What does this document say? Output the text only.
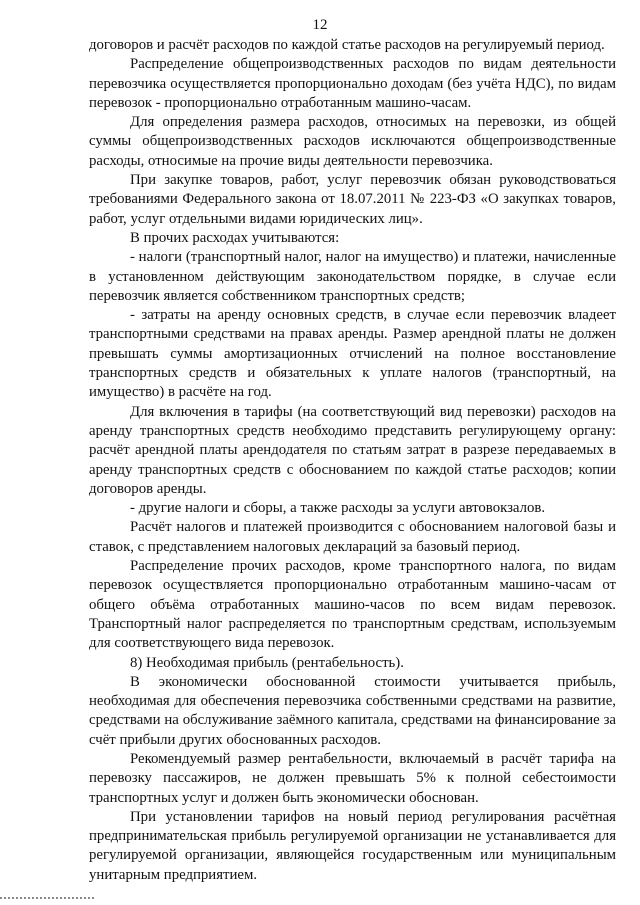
12

договоров и расчёт расходов по каждой статье расходов на регулируемый период.

Распределение общепроизводственных расходов по видам деятельности перевозчика осуществляется пропорционально доходам (без учёта НДС), по видам перевозок - пропорционально отработанным машино-часам.

Для определения размера расходов, относимых на перевозки, из общей суммы общепроизводственных расходов исключаются общепроизводственные расходы, относимые на прочие виды деятельности перевозчика.

При закупке товаров, работ, услуг перевозчик обязан руководствоваться требованиями Федерального закона от 18.07.2011 № 223-ФЗ «О закупках товаров, работ, услуг отдельными видами юридических лиц».

В прочих расходах учитываются:

- налоги (транспортный налог, налог на имущество) и платежи, начисленные в установленном действующим законодательством порядке, в случае если перевозчик является собственником транспортных средств;

- затраты на аренду основных средств, в случае если перевозчик владеет транспортными средствами на правах аренды. Размер арендной платы не должен превышать суммы амортизационных отчислений на полное восстановление транспортных средств и обязательных к уплате налогов (транспортный, на имущество) в расчёте на год.

Для включения в тарифы (на соответствующий вид перевозки) расходов на аренду транспортных средств необходимо представить регулирующему органу: расчёт арендной платы арендодателя по статьям затрат в разрезе передаваемых в аренду транспортных средств с обоснованием по каждой статье расходов; копии договоров аренды.

- другие налоги и сборы, а также расходы за услуги автовокзалов.

Расчёт налогов и платежей производится с обоснованием налоговой базы и ставок, с представлением налоговых деклараций за базовый период.

Распределение прочих расходов, кроме транспортного налога, по видам перевозок осуществляется пропорционально отработанным машино-часам от общего объёма отработанных машино-часов по всем видам перевозок. Транспортный налог распределяется по транспортным средствам, используемым для соответствующего вида перевозок.

8) Необходимая прибыль (рентабельность).

В экономически обоснованной стоимости учитывается прибыль, необходимая для обеспечения перевозчика собственными средствами на развитие, средствами на обслуживание заёмного капитала, средствами на финансирование за счёт прибыли других обоснованных расходов.

Рекомендуемый размер рентабельности, включаемый в расчёт тарифа на перевозку пассажиров, не должен превышать 5% к полной себестоимости транспортных услуг и должен быть экономически обоснован.

При установлении тарифов на новый период регулирования расчётная предпринимательская прибыль регулируемой организации не устанавливается для регулируемой организации, являющейся государственным или муниципальным унитарным предприятием.
